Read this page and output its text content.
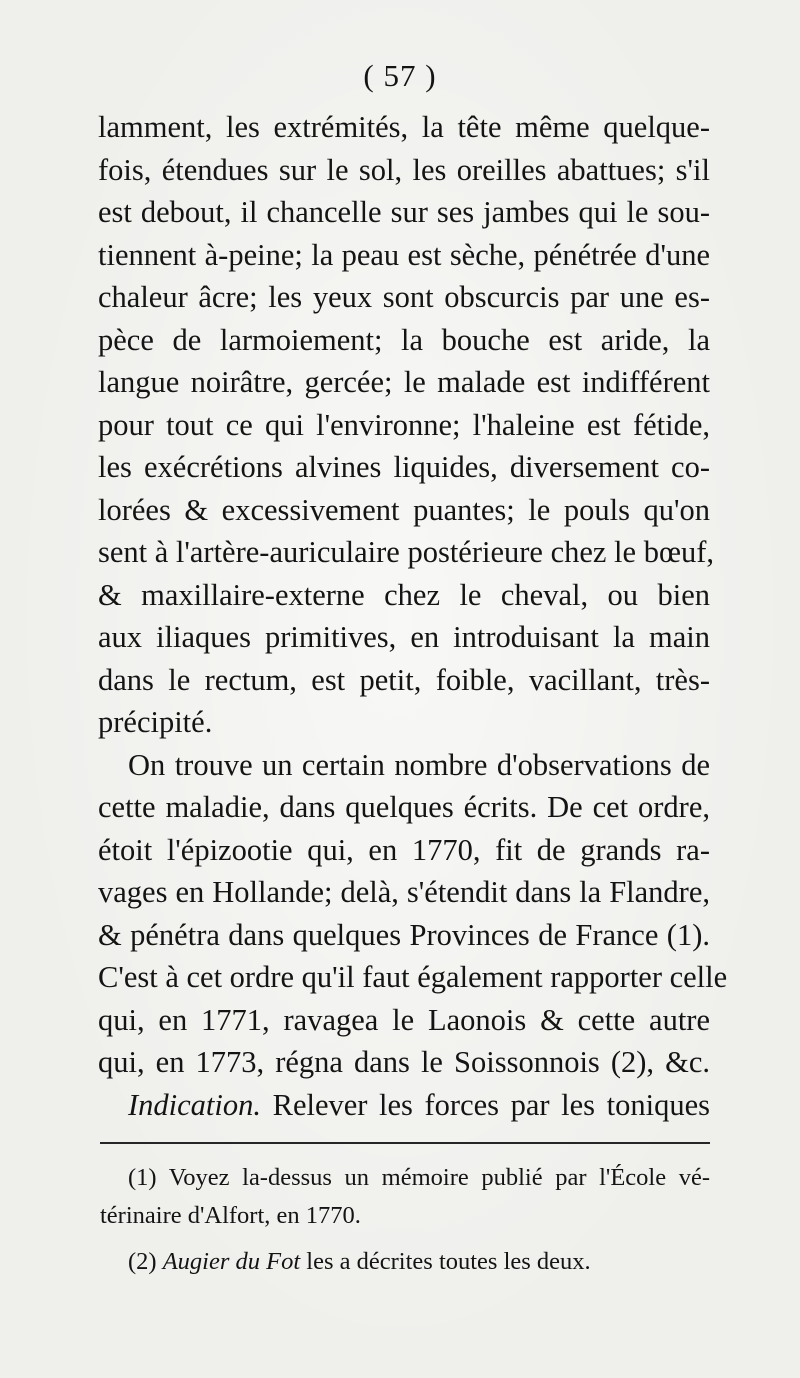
( 57 )
lamment, les extrémités, la tête même quelque-
fois, étendues sur le sol, les oreilles abattues; s'il
est debout, il chancelle sur ses jambes qui le sou-
tiennent à-peine; la peau est sèche, pénétrée d'une
chaleur âcre; les yeux sont obscurcis par une es-
pèce de larmoiement; la bouche est aride, la
langue noirâtre, gercée; le malade est indifférent
pour tout ce qui l'environne; l'haleine est fétide,
les exécrétions alvines liquides, diversement co-
lorées & excessivement puantes; le pouls qu'on
sent à l'artère-auriculaire postérieure chez le bœuf,
& maxillaire-externe chez le cheval, ou bien
aux iliaques primitives, en introduisant la main
dans le rectum, est petit, foible, vacillant, très-
précipité.
On trouve un certain nombre d'observations de
cette maladie, dans quelques écrits. De cet ordre,
étoit l'épizootie qui, en 1770, fit de grands ra-
vages en Hollande; delà, s'étendit dans la Flandre,
& pénétra dans quelques Provinces de France (1).
C'est à cet ordre qu'il faut également rapporter celle
qui, en 1771, ravagea le Laonois & cette autre
qui, en 1773, régna dans le Soissonnois (2), &c.
Indication. Relever les forces par les toniques
(1) Voyez la-dessus un mémoire publié par l'École vé-
térinaire d'Alfort, en 1770.
(2) Augier du Fot les a décrites toutes les deux.
